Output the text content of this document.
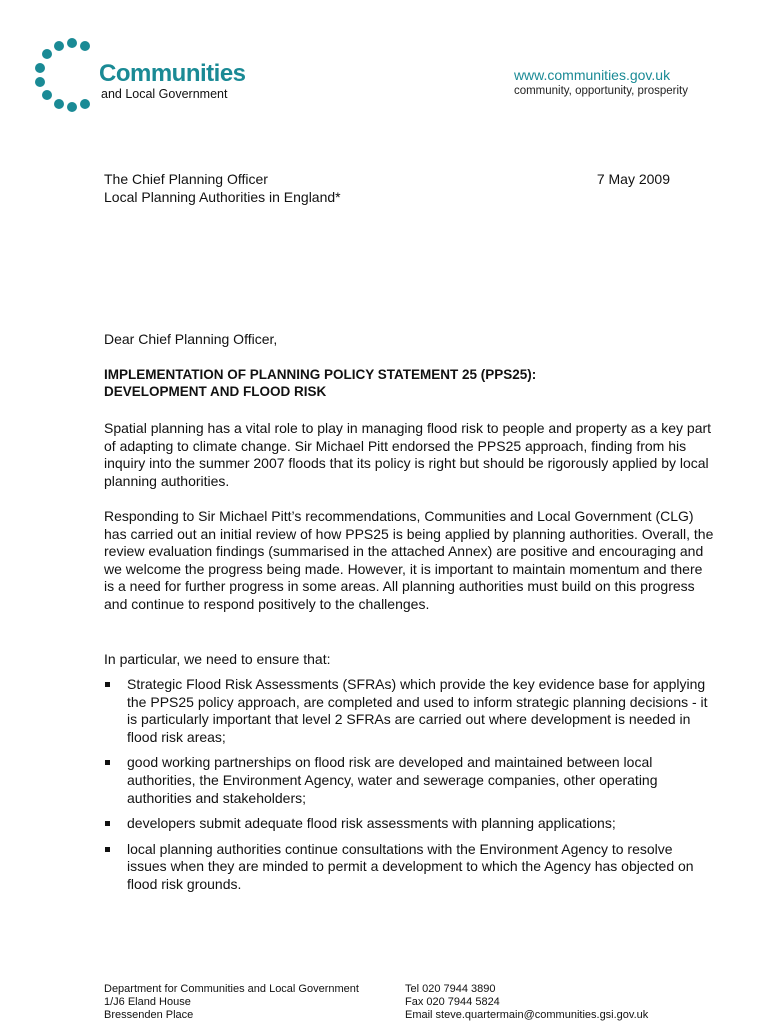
Communities
and Local Government
www.communities.gov.uk
community, opportunity, prosperity
The Chief Planning Officer
Local Planning Authorities in England*
7 May 2009
Dear Chief Planning Officer,
IMPLEMENTATION OF PLANNING POLICY STATEMENT 25 (PPS25):
DEVELOPMENT AND FLOOD RISK

Spatial planning has a vital role to play in managing flood risk to people and property as a key part of adapting to climate change. Sir Michael Pitt endorsed the PPS25 approach, finding from his inquiry into the summer 2007 floods that its policy is right but should be rigorously applied by local planning authorities.

Responding to Sir Michael Pitt’s recommendations, Communities and Local Government (CLG) has carried out an initial review of how PPS25 is being applied by planning authorities. Overall, the review evaluation findings (summarised in the attached Annex) are positive and encouraging and we welcome the progress being made. However, it is important to maintain momentum and there is a need for further progress in some areas. All planning authorities must build on this progress and continue to respond positively to the challenges.

In particular, we need to ensure that:

Strategic Flood Risk Assessments (SFRAs) which provide the key evidence base for applying the PPS25 policy approach, are completed and used to inform strategic planning decisions - it is particularly important that level 2 SFRAs are carried out where development is needed in flood risk areas;
good working partnerships on flood risk are developed and maintained between local authorities, the Environment Agency, water and sewerage companies, other operating authorities and stakeholders;
developers submit adequate flood risk assessments with planning applications;
local planning authorities continue consultations with the Environment Agency to resolve issues when they are minded to permit a development to which the Agency has objected on flood risk grounds.
Department for Communities and Local Government
1/J6 Eland House
Bressenden Place
Tel 020 7944 3890
Fax 020 7944 5824
Email steve.quartermain@communities.gsi.gov.uk
